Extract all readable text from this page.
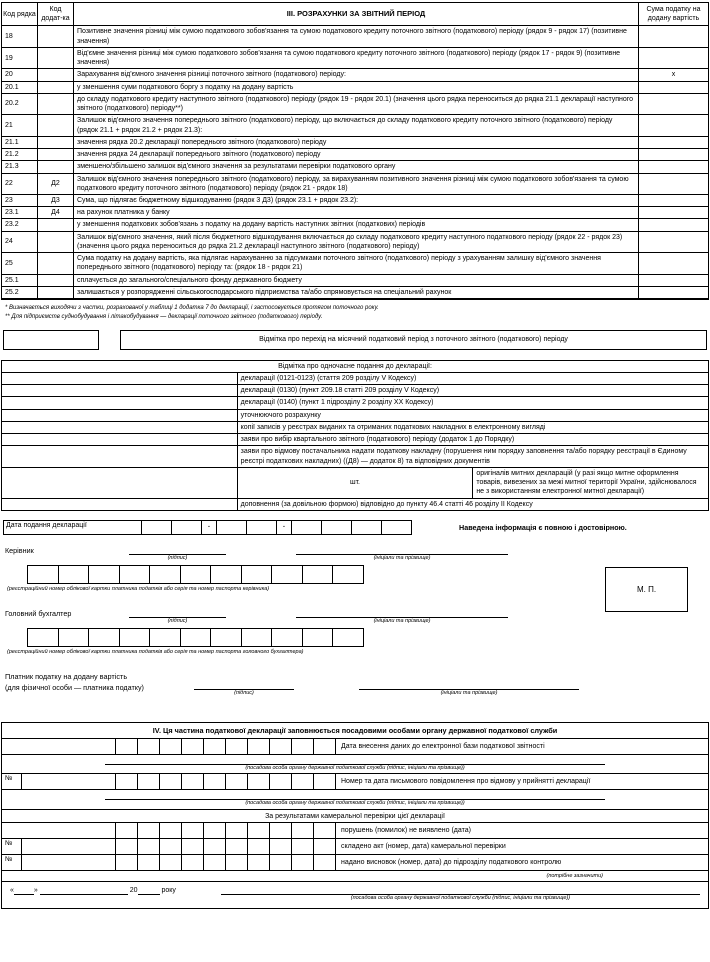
Код рядка	Код додат-ка	ІІІ. РОЗРАХУНКИ ЗА ЗВІТНИЙ ПЕРІОД	Сума податку на додану вартість
18		Позитивне значення різниці між сумою податкового зобов'язання та сумою податкового кредиту поточного звітного (податкового) періоду (рядок 9 - рядок 17) (позитивне значення)	
19		Від'ємне значення різниці між сумою податкового зобов'язання та сумою податкового кредиту поточного звітного (податкового) періоду (рядок 17 - рядок 9) (позитивне значення)	
20		Зарахування від'ємного значення різниці поточного звітного (податкового) періоду:	х
20.1		у зменшення суми податкового боргу з податку на додану вартість	
20.2		до складу податкового кредиту наступного звітного (податкового) періоду (рядок 19 - рядок 20.1) (значення цього рядка переноситься до рядка 21.1 декларації наступного звітного (податкового) періоду**)	
21		Залишок від'ємного значення попереднього звітного (податкового) періоду, що включається до складу податкового кредиту поточного звітного (податкового) періоду (рядок 21.1 + рядок 21.2 + рядок 21.3):	
21.1		значення рядка 20.2 декларації попереднього звітного (податкового) періоду	
21.2		значення рядка 24 декларації попереднього звітного (податкового) періоду	
21.3		зменшено/збільшено залишок від'ємного значення за результатами перевірки податкового органу	
22	Д2	Залишок від'ємного значення попереднього звітного (податкового) періоду, за вирахуванням позитивного значення різниці між сумою податкового зобов'язання та сумою податкового кредиту поточного звітного (податкового) періоду (рядок 21 - рядок 18)	
23	Д3	Сума, що підлягає бюджетному відшкодуванню (рядок 3 Д3) (рядок 23.1 + рядок 23.2):	
23.1	Д4	на рахунок платника у банку	
23.2		у зменшення податкових зобов'язань з податку на додану вартість наступних звітних (податкових) періодів	
24		Залишок від'ємного значення, який після бюджетного відшкодування включається до складу податкового кредиту наступного податкового періоду (рядок 22 - рядок 23) (значення цього рядка переноситься до рядка 21.2 декларації наступного звітного (податкового) періоду)	
25		Сума податку на додану вартість, яка підлягає нарахуванню за підсумками поточного звітного (податкового) періоду з урахуванням залишку від'ємного значення попереднього звітного (податкового) періоду та: (рядок 18 - рядок 21)	
25.1		сплачується до загального/спеціального фонду державного бюджету	
25.2		залишається у розпорядженні сільськогосподарського підприємства та/або спрямовується на спеціальний рахунок	
* Визначається виходячи з частки, розрахованої у таблиці 1 додатка 7 до декларації, і застосовується протягом поточного року.
** Для підприємств суднобудування і літакобудування — декларації поточного звітного (податкового) періоду.
Відмітка про перехід на місячний податковий період з поточного звітного (податкового) періоду
Відмітка про одночасне подання до декларації:		
	декларації (0121-0123) (стаття 209 розділу V Кодексу)	
	декларації (0130) (пункт 209.18 статті 209 розділу V Кодексу)	
	декларації (0140) (пункт 1 підрозділу 2 розділу XX Кодексу)	
	уточнюючого розрахунку	
	копії записів у реєстрах виданих та отриманих податкових накладних в електронному вигляді	
	заяви про вибір квартального звітного (податкового) періоду (додаток 1 до Порядку)	
	заяви про відмову постачальника надати податкову накладну (порушення ним порядку заповнення та/або порядку реєстрації в Єдиному реєстрі податкових накладних) ((Д8) — додаток 8) та відповідних документів	
	шт.	оригіналів митних декларацій (у разі якщо митне оформлення товарів, вивезених за межі митної території України, здійснювалося не з використанням електронної митної декларації)
	доповнення (за довільною формою) відповідно до пункту 46.4 статті 46 розділу ІІ Кодексу	
Дата подання декларації	.	.	Наведена інформація є повною і достовірною.
Керівник
(підпис)	(ініціали та прізвище)
(реєстраційний номер облікової картки платника податків або серія та номер паспорта керівника)
Головний бухгалтер
(підпис)	(ініціали та прізвище)
(реєстраційний номер облікової картки платника податків або серія та номер паспорта головного бухгалтера)
М. П.
Платник податку на додану вартість
(для фізичної особи — платника податку)
(підпис)	(ініціали та прізвище)
IV. Ця частина податкової декларації заповнюється посадовими особами органу державної податкової служби
Дата внесення даних до електронної бази податкової звітності
(посадова особа органу державної податкової служби (підпис, ініціали та прізвище))
№	Номер та дата письмового повідомлення про відмову у прийнятті декларації
(посадова особа органу державної податкової служби (підпис, ініціали та прізвище))
За результатами камеральної перевірки цієї декларації
порушень (помилок) не виявлено (дата)
№	складено акт (номер, дата) камеральної перевірки
№	надано висновок (номер, дата) до підрозділу податкового контролю
(потрібне зазначити)
«	»

	20
	року
(посадова особа органу державної податкової служби (підпис, ініціали та прізвище))
